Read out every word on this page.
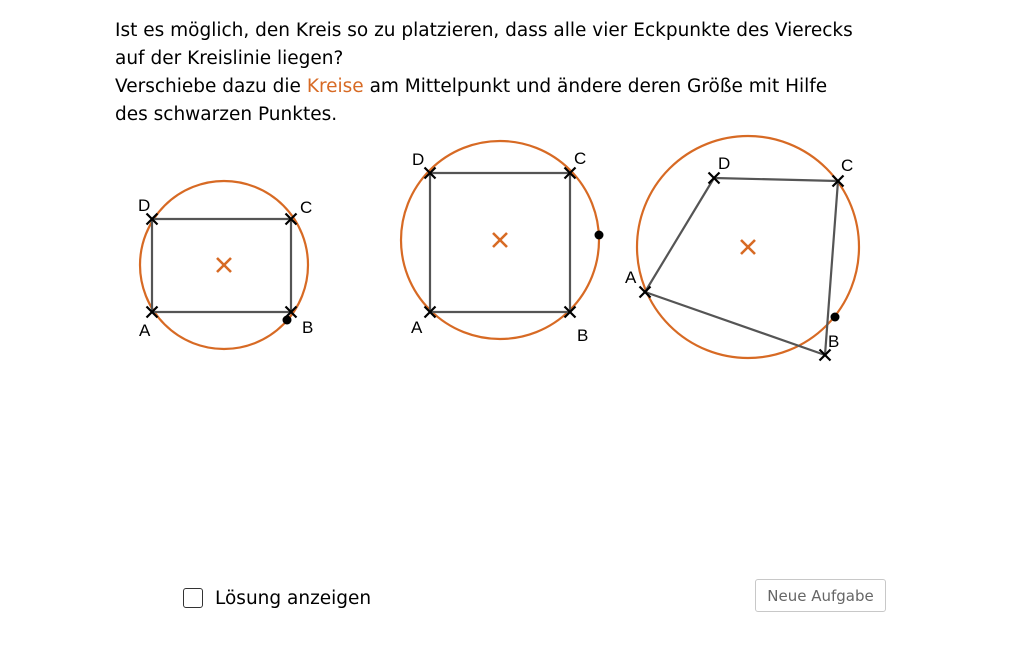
Ist es möglich, den Kreis so zu platzieren, dass alle vier Eckpunkte des Vierecks

auf der Kreislinie liegen?

Verschiebe dazu die Kreise am Mittelpunkt und ändere deren Größe mit Hilfe

des schwarzen Punktes.

A	B
C
D
A	B
C
D
A
B
C
D
Lösung anzeigen	Neue Aufgabe
